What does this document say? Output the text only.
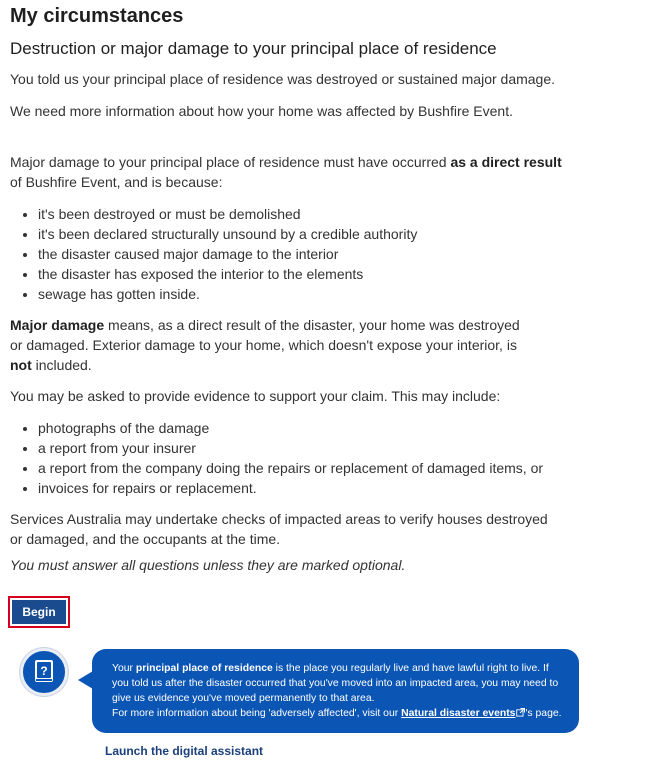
My circumstances
Destruction or major damage to your principal place of residence

You told us your principal place of residence was destroyed or sustained major damage.

We need more information about how your home was affected by Bushfire Event.

Major damage to your principal place of residence must have occurred as a direct result of Bushfire Event, and is because:

• it's been destroyed or must be demolished
• it's been declared structurally unsound by a credible authority
• the disaster caused major damage to the interior
• the disaster has exposed the interior to the elements
• sewage has gotten inside.

Major damage means, as a direct result of the disaster, your home was destroyed or damaged. Exterior damage to your home, which doesn't expose your interior, is not included.

You may be asked to provide evidence to support your claim. This may include:

• photographs of the damage
• a report from your insurer
• a report from the company doing the repairs or replacement of damaged items, or
• invoices for repairs or replacement.

Services Australia may undertake checks of impacted areas to verify houses destroyed or damaged, and the occupants at the time.

You must answer all questions unless they are marked optional.

Begin
?	Your principal place of residence is the place you regularly live and have lawful right to live. If you told us after the disaster occurred that you've moved into an impacted area, you may need to give us evidence you've moved permanently to that area.
For more information about being 'adversely affected', visit our Natural disaster events 's page.
Launch the digital assistant
